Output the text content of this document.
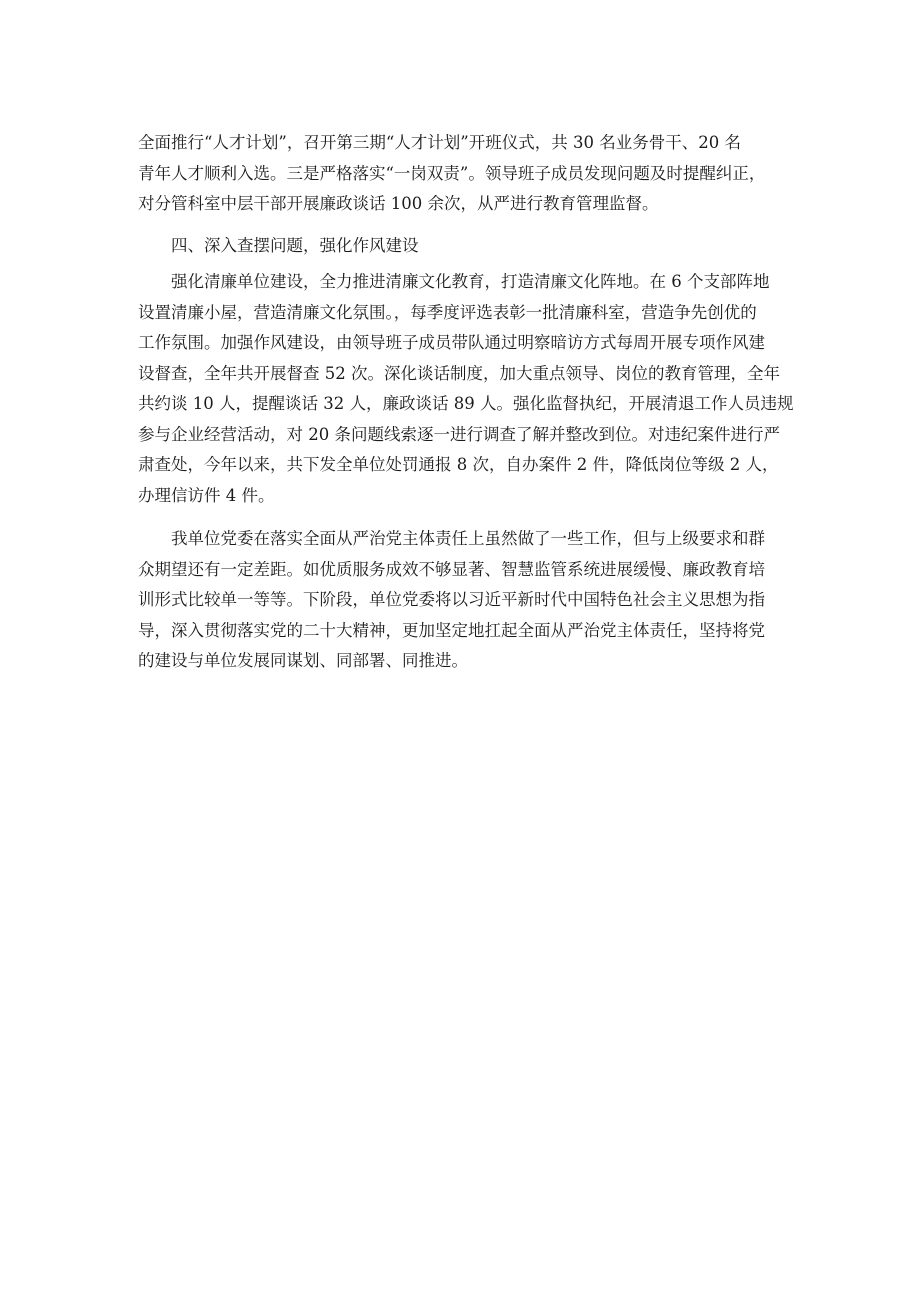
全面推行“人才计划”，召开第三期“人才计划”开班仪式，共 30 名业务骨干、20 名
青年人才顺利入选。三是严格落实“一岗双责”。领导班子成员发现问题及时提醒纠正，
对分管科室中层干部开展廉政谈话 100 余次，从严进行教育管理监督。
四、深入查摆问题，强化作风建设
强化清廉单位建设，全力推进清廉文化教育，打造清廉文化阵地。在 6 个支部阵地
设置清廉小屋，营造清廉文化氛围。，每季度评选表彰一批清廉科室，营造争先创优的
工作氛围。加强作风建设，由领导班子成员带队通过明察暗访方式每周开展专项作风建
设督查，全年共开展督查 52 次。深化谈话制度，加大重点领导、岗位的教育管理，全年
共约谈 10 人，提醒谈话 32 人，廉政谈话 89 人。强化监督执纪，开展清退工作人员违规
参与企业经营活动，对 20 条问题线索逐一进行调查了解并整改到位。对违纪案件进行严
肃查处，今年以来，共下发全单位处罚通报 8 次，自办案件 2 件，降低岗位等级 2 人，
办理信访件 4 件。
我单位党委在落实全面从严治党主体责任上虽然做了一些工作，但与上级要求和群
众期望还有一定差距。如优质服务成效不够显著、智慧监管系统进展缓慢、廉政教育培
训形式比较单一等等。下阶段，单位党委将以习近平新时代中国特色社会主义思想为指
导，深入贯彻落实党的二十大精神，更加坚定地扛起全面从严治党主体责任，坚持将党
的建设与单位发展同谋划、同部署、同推进。
